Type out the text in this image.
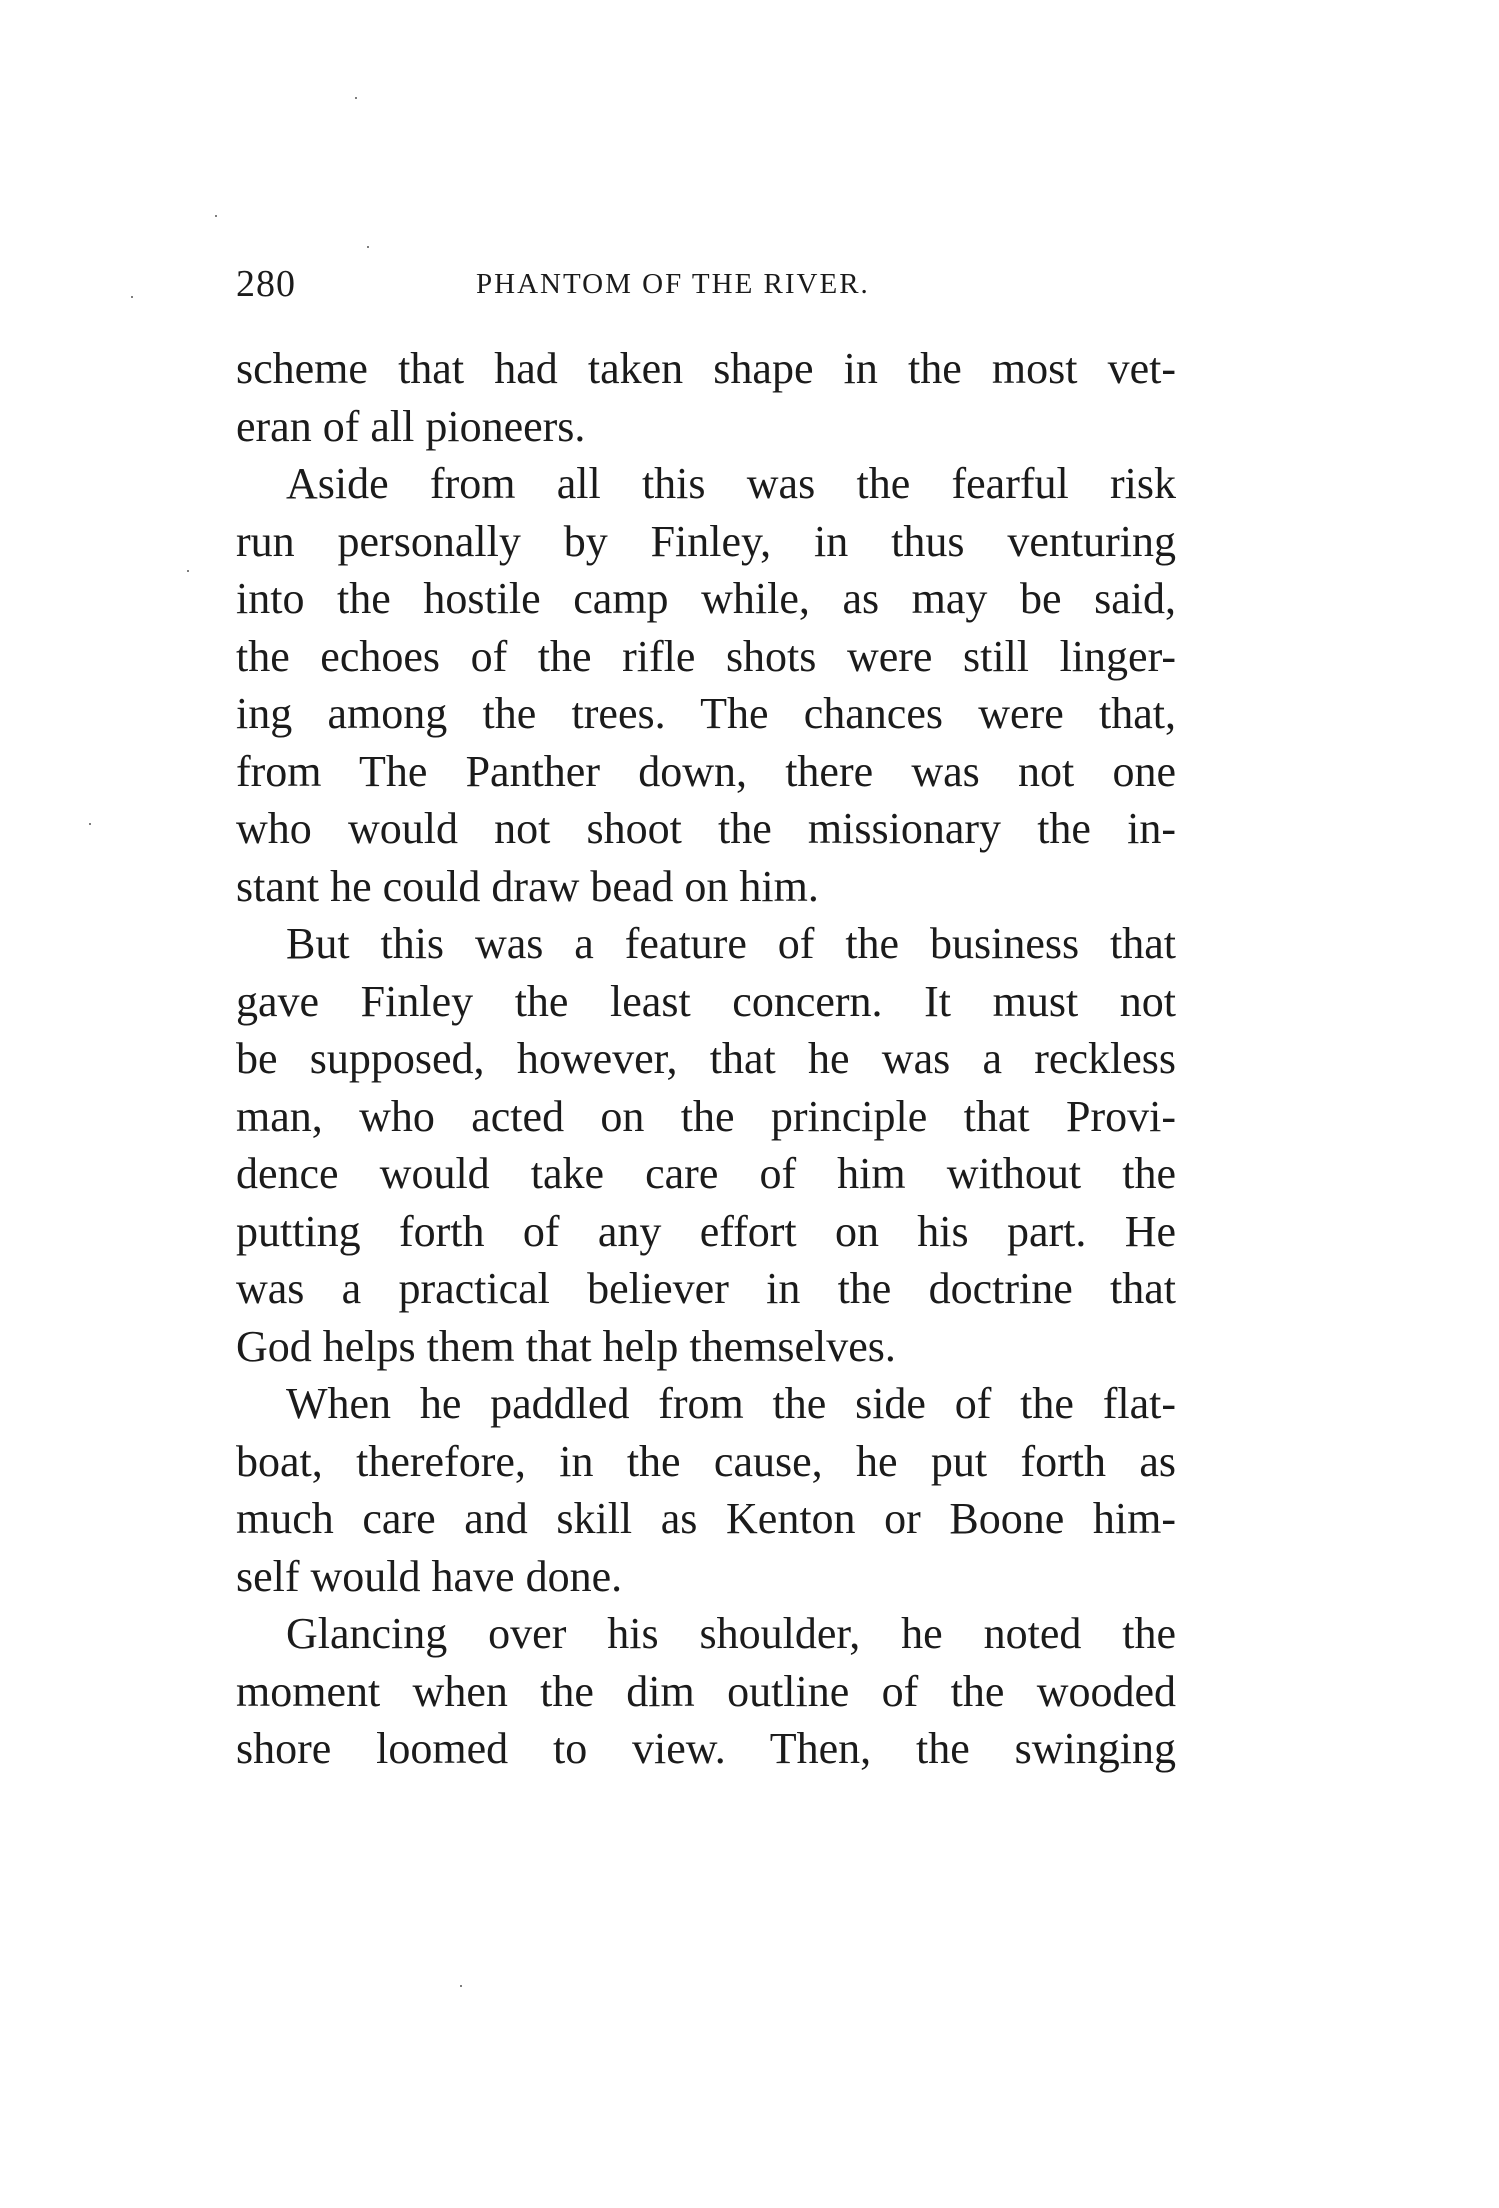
280	PHANTOM OF THE RIVER.
scheme that had taken shape in the most vet-
eran of all pioneers.
Aside from all this was the fearful risk
run personally by Finley, in thus venturing
into the hostile camp while, as may be said,
the echoes of the rifle shots were still linger-
ing among the trees. The chances were that,
from The Panther down, there was not one
who would not shoot the missionary the in-
stant he could draw bead on him.
But this was a feature of the business that
gave Finley the least concern. It must not
be supposed, however, that he was a reckless
man, who acted on the principle that Provi-
dence would take care of him without the
putting forth of any effort on his part. He
was a practical believer in the doctrine that
God helps them that help themselves.
When he paddled from the side of the flat-
boat, therefore, in the cause, he put forth as
much care and skill as Kenton or Boone him-
self would have done.
Glancing over his shoulder, he noted the
moment when the dim outline of the wooded
shore loomed to view. Then, the swinging
